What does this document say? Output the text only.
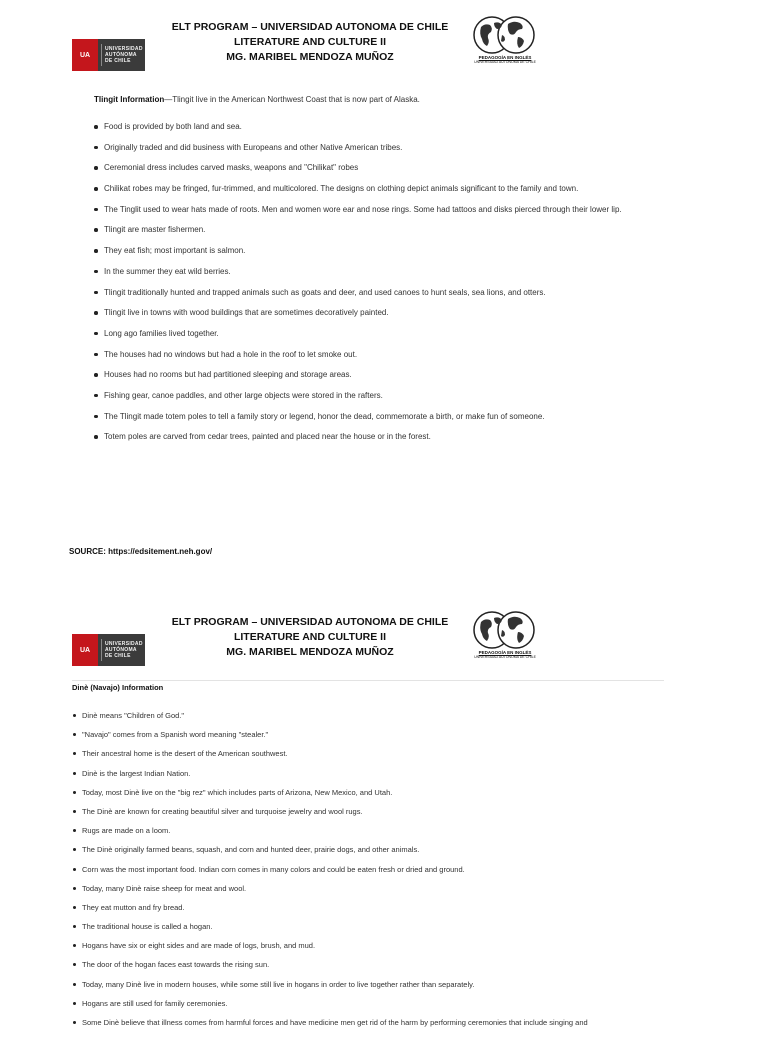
UA
UNIVERSIDAD
AUTÓNOMA
DE CHILE
ELT PROGRAM – UNIVERSIDAD AUTONOMA DE CHILE
LITERATURE AND CULTURE II
MG. MARIBEL MENDOZA MUÑOZ	PEDAGOGÍA EN INGLÉS
UNIVERSIDAD AUTÓNOMA DE CHILE
Tlingit Information—Tlingit live in the American Northwest Coast that is now part of Alaska.
Food is provided by both land and sea.
Originally traded and did business with Europeans and other Native American tribes.
Ceremonial dress includes carved masks, weapons and "Chilikat" robes
Chilikat robes may be fringed, fur-trimmed, and multicolored. The designs on clothing depict animals significant to the family and town.
The Tinglit used to wear hats made of roots. Men and women wore ear and nose rings. Some had tattoos and disks pierced through their lower lip.
Tlingit are master fishermen.
They eat fish; most important is salmon.
In the summer they eat wild berries.
Tlingit traditionally hunted and trapped animals such as goats and deer, and used canoes to hunt seals, sea lions, and otters.
Tlingit live in towns with wood buildings that are sometimes decoratively painted.
Long ago families lived together.
The houses had no windows but had a hole in the roof to let smoke out.
Houses had no rooms but had partitioned sleeping and storage areas.
Fishing gear, canoe paddles, and other large objects were stored in the rafters.
The Tlingit made totem poles to tell a family story or legend, honor the dead, commemorate a birth, or make fun of someone.
Totem poles are carved from cedar trees, painted and placed near the house or in the forest.
SOURCE: https://edsitement.neh.gov/
UA
UNIVERSIDAD
AUTÓNOMA
DE CHILE
ELT PROGRAM – UNIVERSIDAD AUTONOMA DE CHILE
LITERATURE AND CULTURE II
MG. MARIBEL MENDOZA MUÑOZ	PEDAGOGÍA EN INGLÉS
UNIVERSIDAD AUTÓNOMA DE CHILE
Dinè (Navajo) Information
Dinè means "Children of God."
"Navajo" comes from a Spanish word meaning "stealer."
Their ancestral home is the desert of the American southwest.
Dinè is the largest Indian Nation.
Today, most Dinè live on the "big rez" which includes parts of Arizona, New Mexico, and Utah.
The Dinè are known for creating beautiful silver and turquoise jewelry and wool rugs.
Rugs are made on a loom.
The Dinè originally farmed beans, squash, and corn and hunted deer, prairie dogs, and other animals.
Corn was the most important food. Indian corn comes in many colors and could be eaten fresh or dried and ground.
Today, many Dinè raise sheep for meat and wool.
They eat mutton and fry bread.
The traditional house is called a hogan.
Hogans have six or eight sides and are made of logs, brush, and mud.
The door of the hogan faces east towards the rising sun.
Today, many Dinè live in modern houses, while some still live in hogans in order to live together rather than separately.
Hogans are still used for family ceremonies.
Some Dinè believe that illness comes from harmful forces and have medicine men get rid of the harm by performing ceremonies that include singing and
